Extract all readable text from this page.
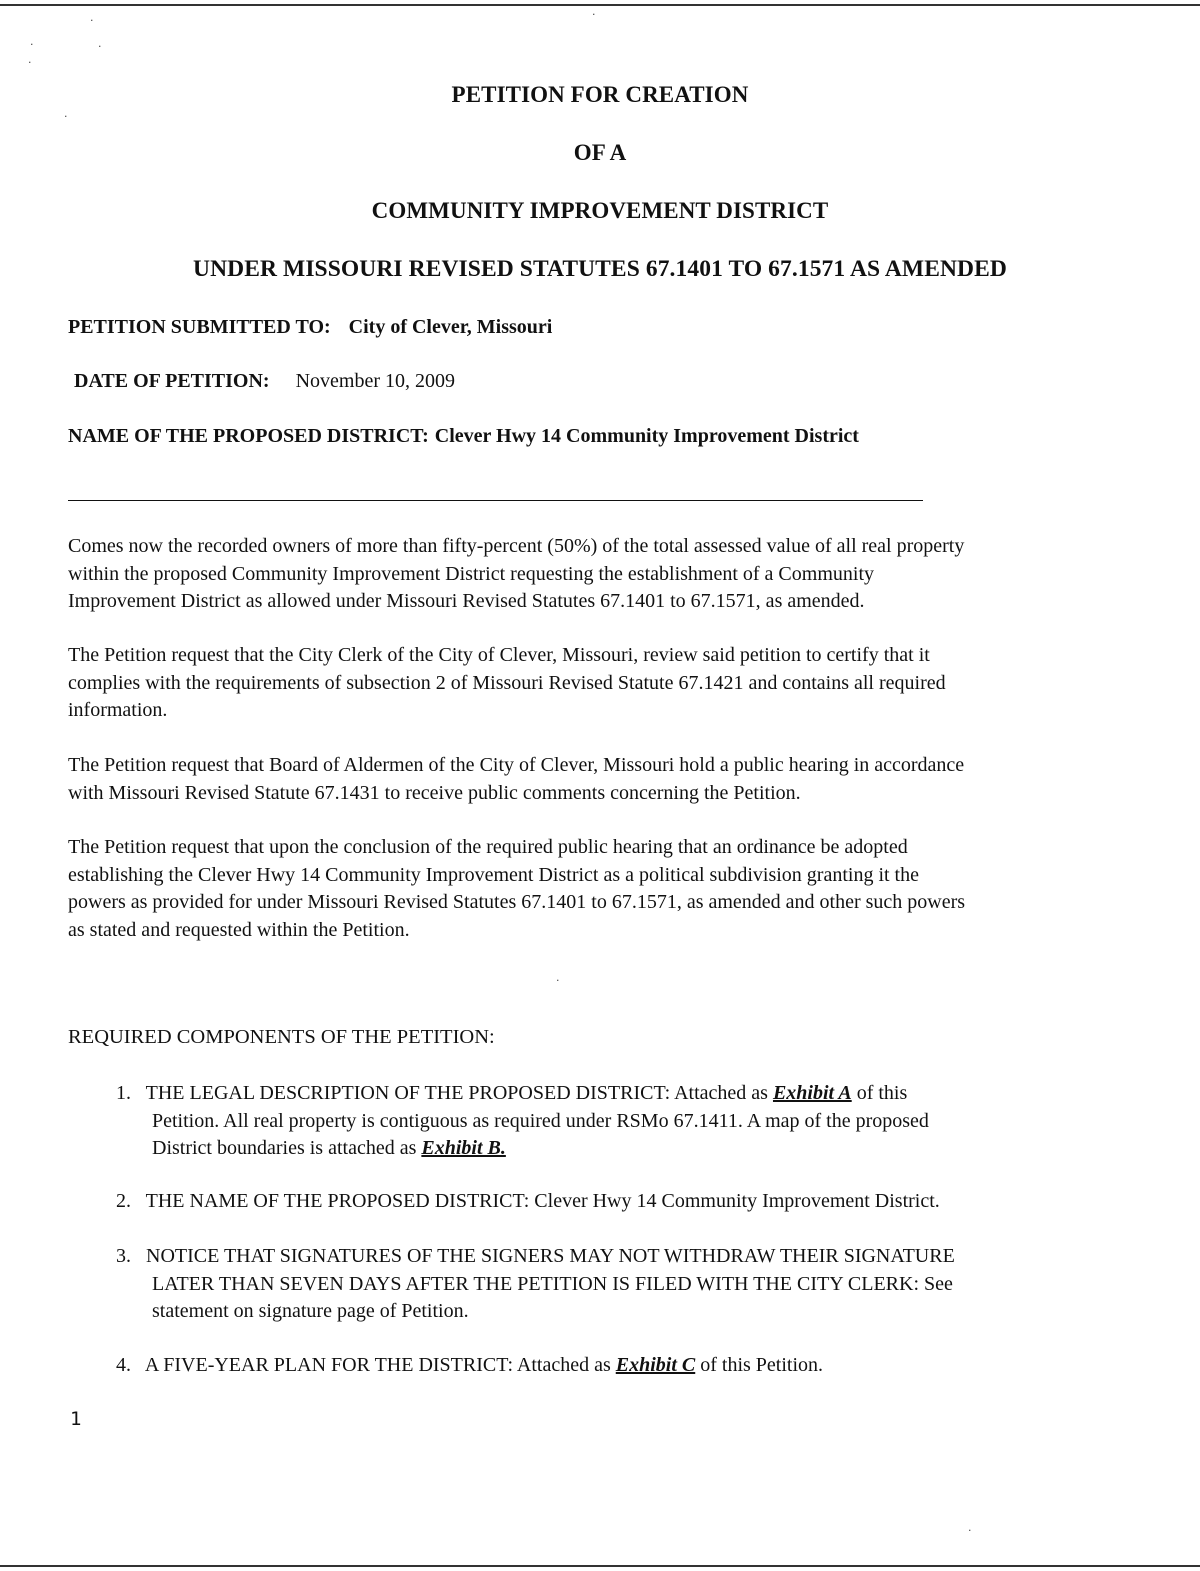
·
·	·
·
·
·
·
·
PETITION FOR CREATION
OF A
COMMUNITY IMPROVEMENT DISTRICT
UNDER MISSOURI REVISED STATUTES 67.1401 TO 67.1571 AS AMENDED
PETITION SUBMITTED TO: City of Clever, Missouri
DATE OF PETITION: November 10, 2009
NAME OF THE PROPOSED DISTRICT: Clever Hwy 14 Community Improvement District

Comes now the recorded owners of more than fifty-percent (50%) of the total assessed value of all real property
within the proposed Community Improvement District requesting the establishment of a Community
Improvement District as allowed under Missouri Revised Statutes 67.1401 to 67.1571, as amended.

The Petition request that the City Clerk of the City of Clever, Missouri, review said petition to certify that it
complies with the requirements of subsection 2 of Missouri Revised Statute 67.1421 and contains all required
information.

The Petition request that Board of Aldermen of the City of Clever, Missouri hold a public hearing in accordance
with Missouri Revised Statute 67.1431 to receive public comments concerning the Petition.

The Petition request that upon the conclusion of the required public hearing that an ordinance be adopted
establishing the Clever Hwy 14 Community Improvement District as a political subdivision granting it the
powers as provided for under Missouri Revised Statutes 67.1401 to 67.1571, as amended and other such powers
as stated and requested within the Petition.

REQUIRED COMPONENTS OF THE PETITION:
1. THE LEGAL DESCRIPTION OF THE PROPOSED DISTRICT: Attached as Exhibit A of this
Petition. All real property is contiguous as required under RSMo 67.1411. A map of the proposed
District boundaries is attached as Exhibit B.
2. THE NAME OF THE PROPOSED DISTRICT: Clever Hwy 14 Community Improvement District.
3. NOTICE THAT SIGNATURES OF THE SIGNERS MAY NOT WITHDRAW THEIR SIGNATURE
LATER THAN SEVEN DAYS AFTER THE PETITION IS FILED WITH THE CITY CLERK: See
statement on signature page of Petition.
4. A FIVE-YEAR PLAN FOR THE DISTRICT: Attached as Exhibit C of this Petition.
1
